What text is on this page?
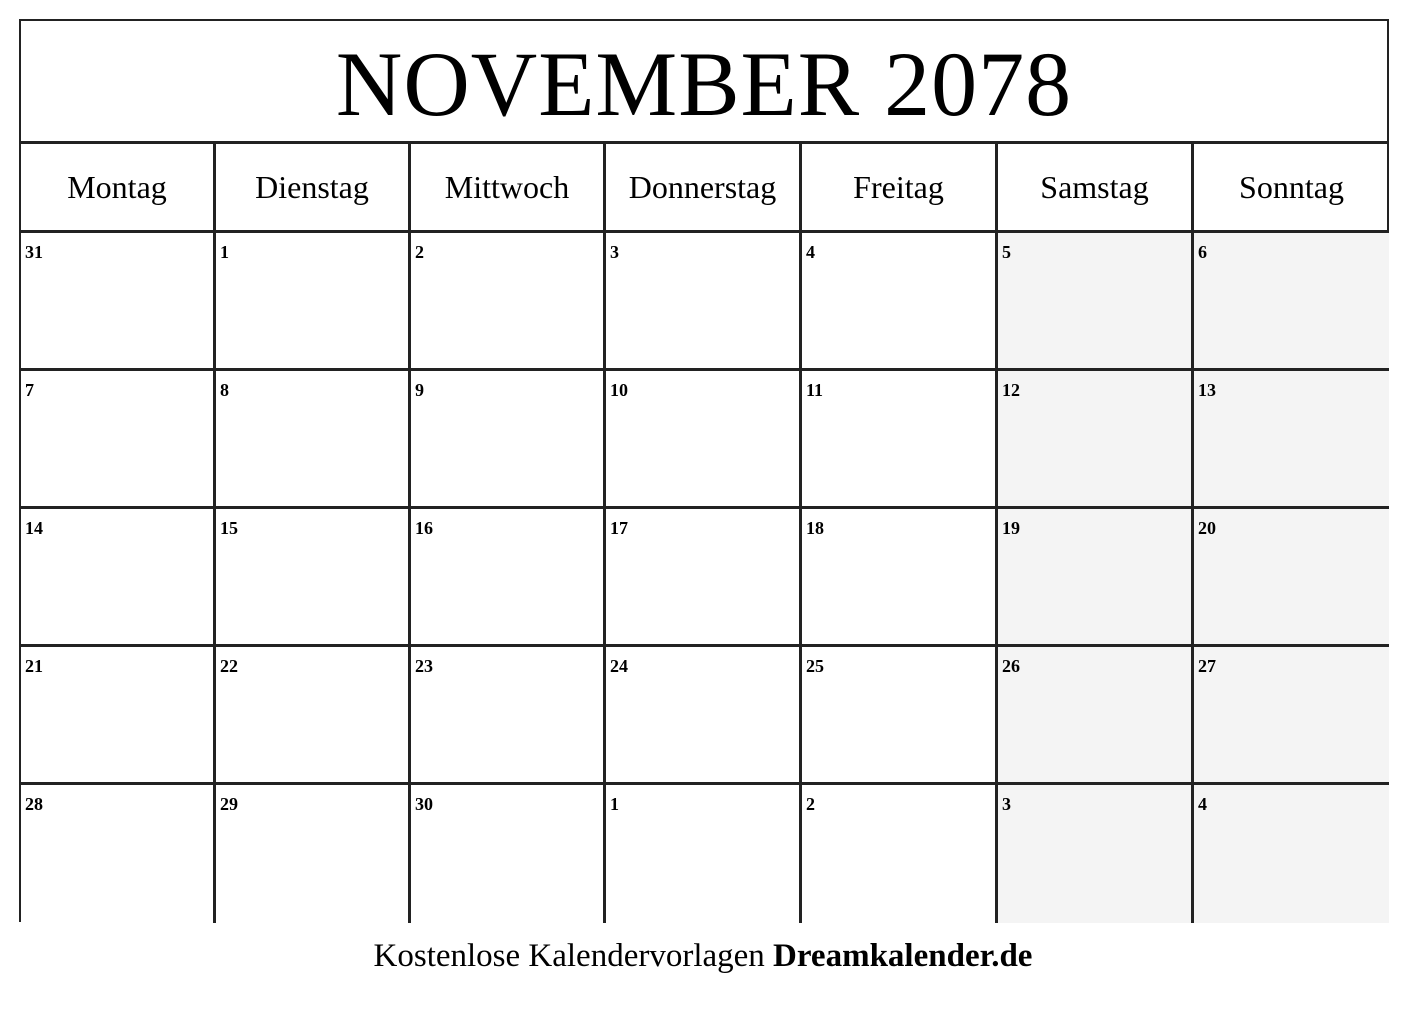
NOVEMBER 2078
Montag	Dienstag	Mittwoch	Donnerstag	Freitag	Samstag	Sonntag
31	1	2	3	4	5	6
7	8	9	10	11	12	13
14	15	16	17	18	19	20
21	22	23	24	25	26	27
28	29	30	1	2	3	4
Kostenlose Kalendervorlagen Dreamkalender.de
